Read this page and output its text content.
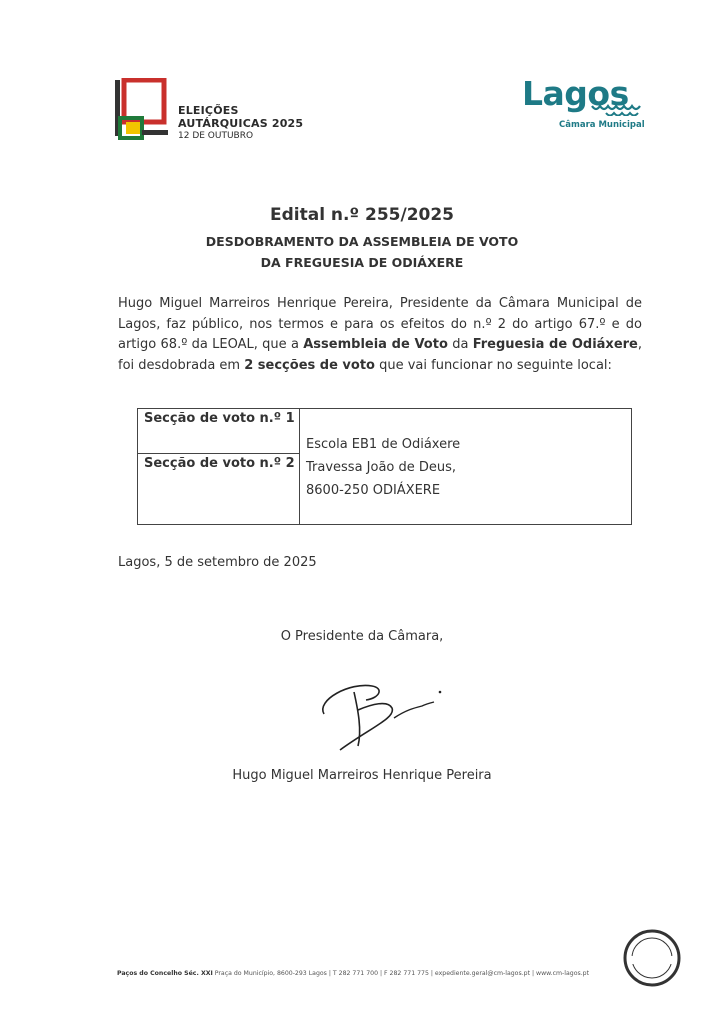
ELEIÇÕES
AUTÁRQUICAS 2025
12 DE OUTUBRO
Lagos
Câmara Municipal
Edital n.º 255/2025
DESDOBRAMENTO DA ASSEMBLEIA DE VOTO
DA FREGUESIA DE ODIÁXERE
Hugo Miguel Marreiros Henrique Pereira, Presidente da Câmara Municipal de Lagos, faz público, nos termos e para os efeitos do n.º 2 do artigo 67.º e do artigo 68.º da LEOAL, que a Assembleia de Voto da Freguesia de Odiáxere, foi desdobrada em 2 secções de voto que vai funcionar no seguinte local:
Secção de voto n.º 1
Secção de voto n.º 2
Escola EB1 de Odiáxere
Travessa João de Deus,
8600-250 ODIÁXERE
Lagos, 5 de setembro de 2025
O Presidente da Câmara,
Hugo Miguel Marreiros Henrique Pereira
Paços do Concelho Séc. XXI Praça do Município, 8600-293 Lagos | T 282 771 700 | F 282 771 775 | expediente.geral@cm-lagos.pt | www.cm-lagos.pt
